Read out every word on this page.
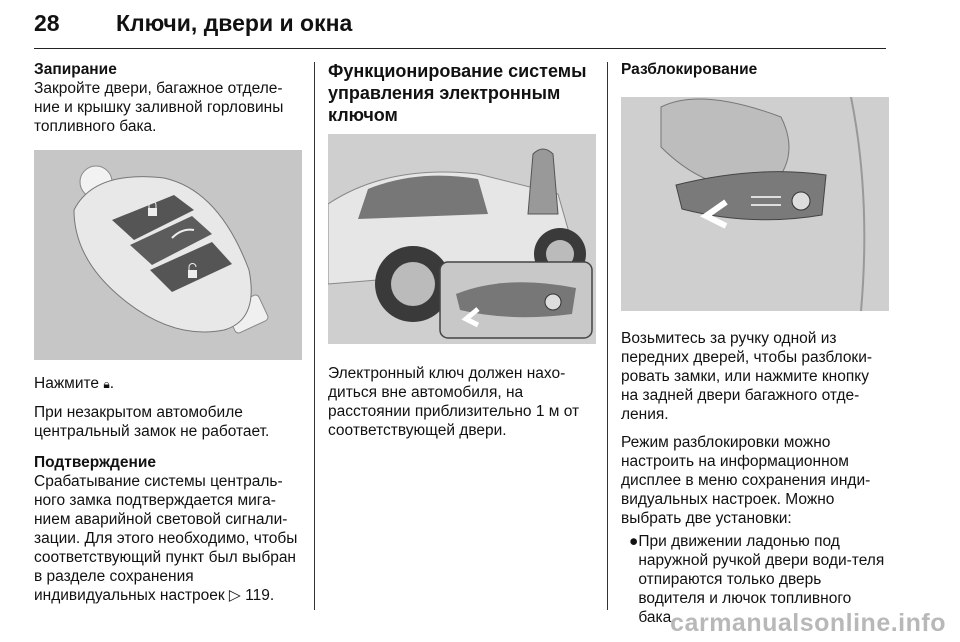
28 Ключи, двери и окна

Запирание

Закройте двери, багажное отделе-ние и крышку заливной горловины топливного бака.

Нажмите 🔒︎.

При незакрытом автомобиле центральный замок не работает.

Подтверждение

Срабатывание системы централь-ного замка подтверждается мига-нием аварийной световой сигнали-зации. Для этого необходимо, чтобы соответствующий пункт был выбран в разделе сохранения индивидуальных настроек ▷ 119.

Функционирование системы управления электронным ключом

Электронный ключ должен нахо-диться вне автомобиля, на расстоянии приблизительно 1 м от соответствующей двери.

Разблокирование

Возьмитесь за ручку одной из передних дверей, чтобы разблоки-ровать замки, или нажмите кнопку на задней двери багажного отде-ления.

Режим разблокировки можно настроить на информационном дисплее в меню сохранения инди-видуальных настроек. Можно выбрать две установки:

● При движении ладонью под наружной ручкой двери води-теля отпираются только дверь водителя и лючок топливного бака.
carmanualsonline.info
